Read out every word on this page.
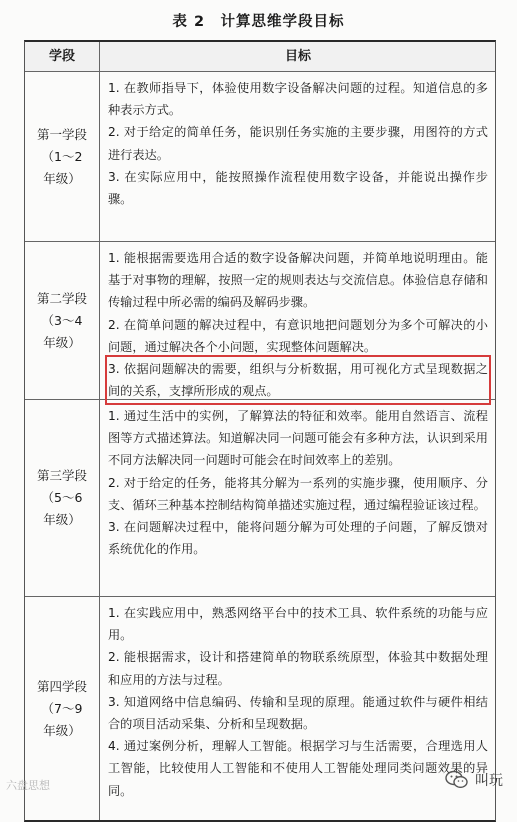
表 2　计算思维学段目标
学段	目标
第一学段
（1～2
年级）

1. 在教师指导下，体验使用数字设备解决问题的过程。知道信息的多种表示方式。

2. 对于给定的简单任务，能识别任务实施的主要步骤，用图符的方式进行表达。

3. 在实际应用中，能按照操作流程使用数字设备，并能说出操作步骤。

第二学段
（3～4
年级）

1. 能根据需要选用合适的数字设备解决问题，并简单地说明理由。能基于对事物的理解，按照一定的规则表达与交流信息。体验信息存储和传输过程中所必需的编码及解码步骤。

2. 在简单问题的解决过程中，有意识地把问题划分为多个可解决的小问题，通过解决各个小问题，实现整体问题解决。

3. 依据问题解决的需要，组织与分析数据，用可视化方式呈现数据之间的关系，支撑所形成的观点。

第三学段
（5～6
年级）

1. 通过生活中的实例，了解算法的特征和效率。能用自然语言、流程图等方式描述算法。知道解决同一问题可能会有多种方法，认识到采用不同方法解决同一问题时可能会在时间效率上的差别。

2. 对于给定的任务，能将其分解为一系列的实施步骤，使用顺序、分支、循环三种基本控制结构简单描述实施过程，通过编程验证该过程。

3. 在问题解决过程中，能将问题分解为可处理的子问题，了解反馈对系统优化的作用。

第四学段
（7～9
年级）

1. 在实践应用中，熟悉网络平台中的技术工具、软件系统的功能与应用。

2. 能根据需求，设计和搭建简单的物联系统原型，体验其中数据处理和应用的方法与过程。

3. 知道网络中信息编码、传输和呈现的原理。能通过软件与硬件相结合的项目活动采集、分析和呈现数据。

4. 通过案例分析，理解人工智能。根据学习与生活需要，合理选用人工智能，比较使用人工智能和不使用人工智能处理同类问题效果的异同。

六盘思想	叫玩
